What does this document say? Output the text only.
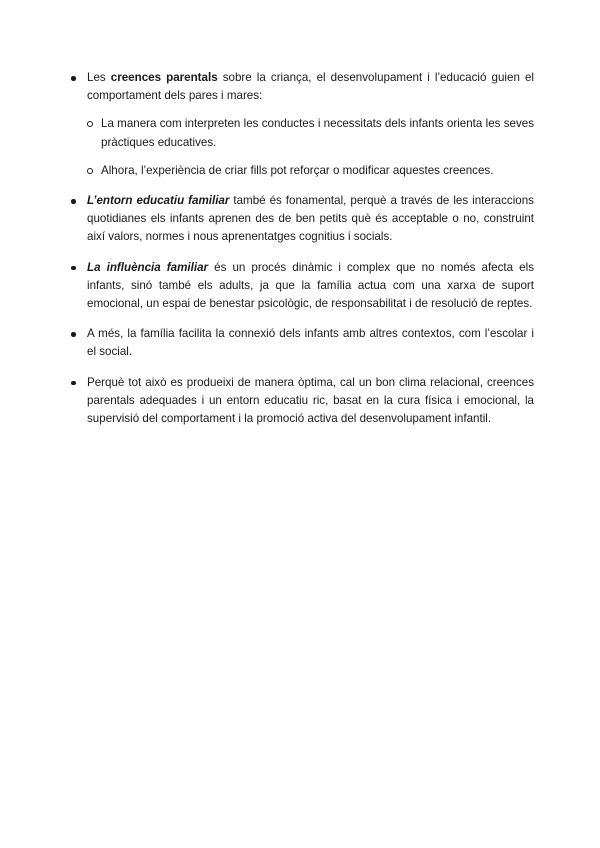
Les creences parentals sobre la criança, el desenvolupament i l’educació guien el comportament dels pares i mares:
La manera com interpreten les conductes i necessitats dels infants orienta les seves pràctiques educatives.
Alhora, l’experiència de criar fills pot reforçar o modificar aquestes creences.
L’entorn educatiu familiar també és fonamental, perquè a través de les interaccions quotidianes els infants aprenen des de ben petits què és acceptable o no, construint així valors, normes i nous aprenentatges cognitius i socials.
La influència familiar és un procés dinàmic i complex que no només afecta els infants, sinó també els adults, ja que la família actua com una xarxa de suport emocional, un espai de benestar psicològic, de responsabilitat i de resolució de reptes.
A més, la família facilita la connexió dels infants amb altres contextos, com l’escolar i el social.
Perquè tot això es produeixi de manera òptima, cal un bon clima relacional, creences parentals adequades i un entorn educatiu ric, basat en la cura física i emocional, la supervisió del comportament i la promoció activa del desenvolupament infantil.
